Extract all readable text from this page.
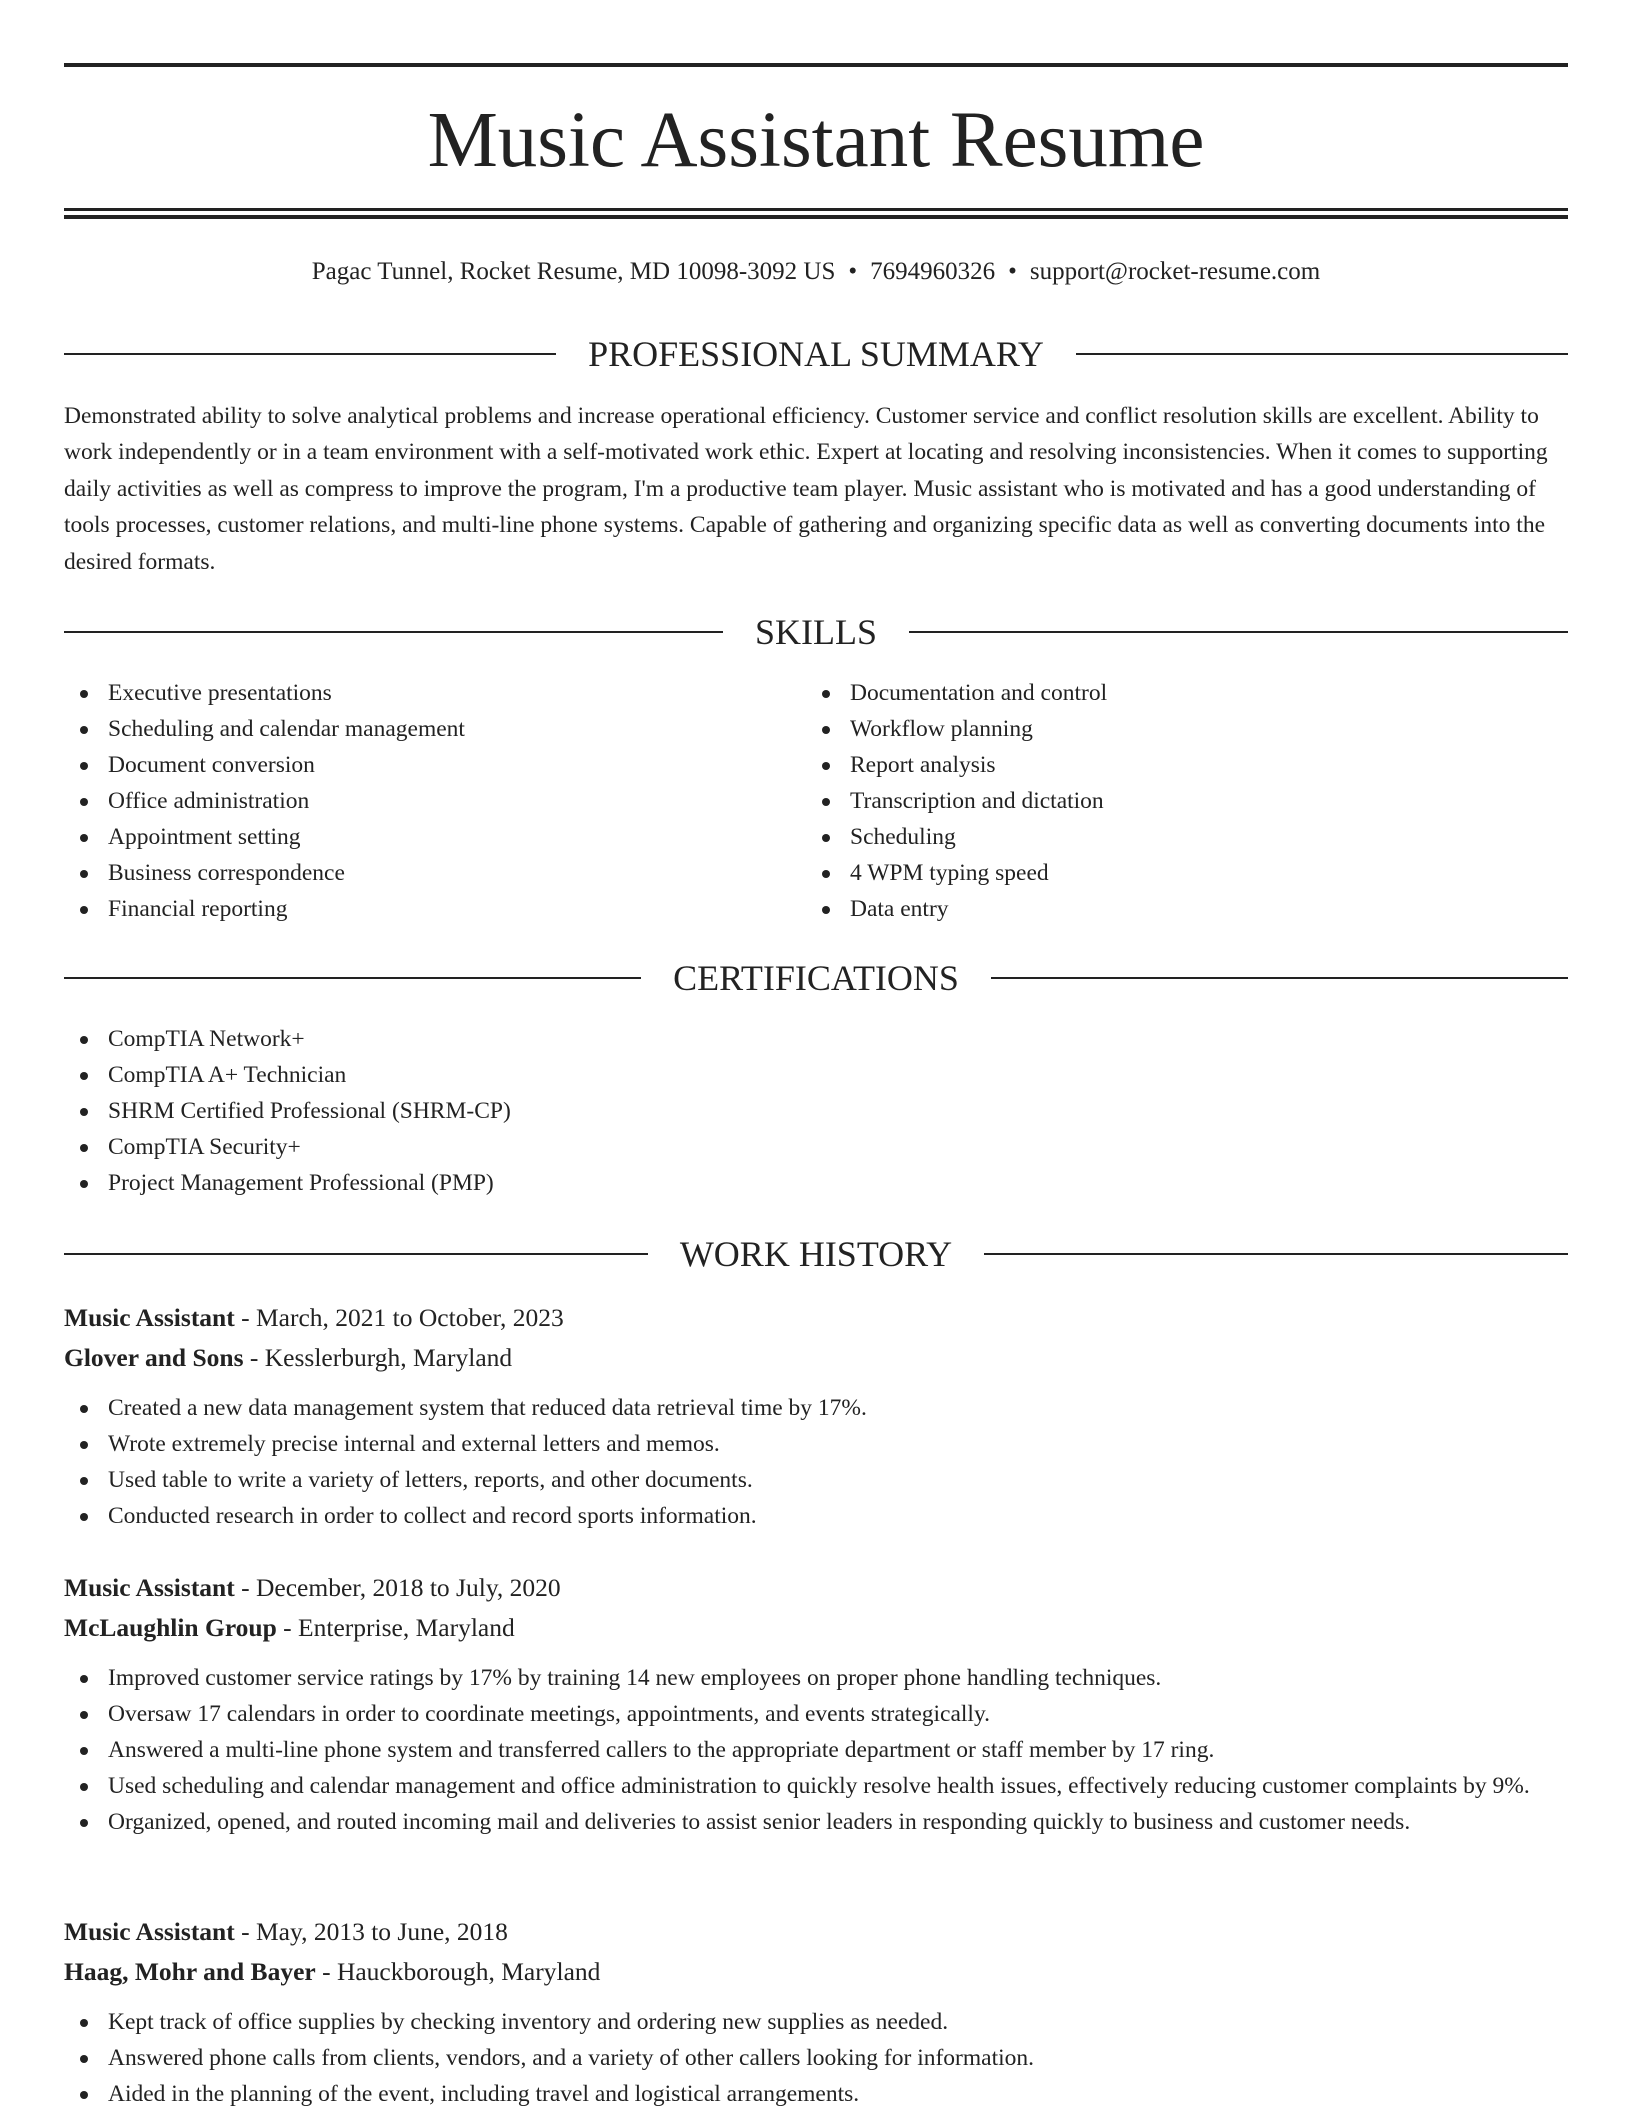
Music Assistant Resume
Pagac Tunnel, Rocket Resume, MD 10098-3092 US • 7694960326 • support@rocket-resume.com
PROFESSIONAL SUMMARY

Demonstrated ability to solve analytical problems and increase operational efficiency. Customer service and conflict resolution skills are excellent. Ability to work independently or in a team environment with a self-motivated work ethic. Expert at locating and resolving inconsistencies. When it comes to supporting daily activities as well as compress to improve the program, I'm a productive team player. Music assistant who is motivated and has a good understanding of tools processes, customer relations, and multi-line phone systems. Capable of gathering and organizing specific data as well as converting documents into the desired formats.

SKILLS
Executive presentations
Scheduling and calendar management
Document conversion
Office administration
Appointment setting
Business correspondence
Financial reporting
Documentation and control
Workflow planning
Report analysis
Transcription and dictation
Scheduling
4 WPM typing speed
Data entry
CERTIFICATIONS
CompTIA Network+
CompTIA A+ Technician
SHRM Certified Professional (SHRM-CP)
CompTIA Security+
Project Management Professional (PMP)
WORK HISTORY
Music Assistant - March, 2021 to October, 2023
Glover and Sons - Kesslerburgh, Maryland
Created a new data management system that reduced data retrieval time by 17%.
Wrote extremely precise internal and external letters and memos.
Used table to write a variety of letters, reports, and other documents.
Conducted research in order to collect and record sports information.
Music Assistant - December, 2018 to July, 2020
McLaughlin Group - Enterprise, Maryland
Improved customer service ratings by 17% by training 14 new employees on proper phone handling techniques.
Oversaw 17 calendars in order to coordinate meetings, appointments, and events strategically.
Answered a multi-line phone system and transferred callers to the appropriate department or staff member by 17 ring.
Used scheduling and calendar management and office administration to quickly resolve health issues, effectively reducing customer complaints by 9%.
Organized, opened, and routed incoming mail and deliveries to assist senior leaders in responding quickly to business and customer needs.
Music Assistant - May, 2013 to June, 2018
Haag, Mohr and Bayer - Hauckborough, Maryland
Kept track of office supplies by checking inventory and ordering new supplies as needed.
Answered phone calls from clients, vendors, and a variety of other callers looking for information.
Aided in the planning of the event, including travel and logistical arrangements.
